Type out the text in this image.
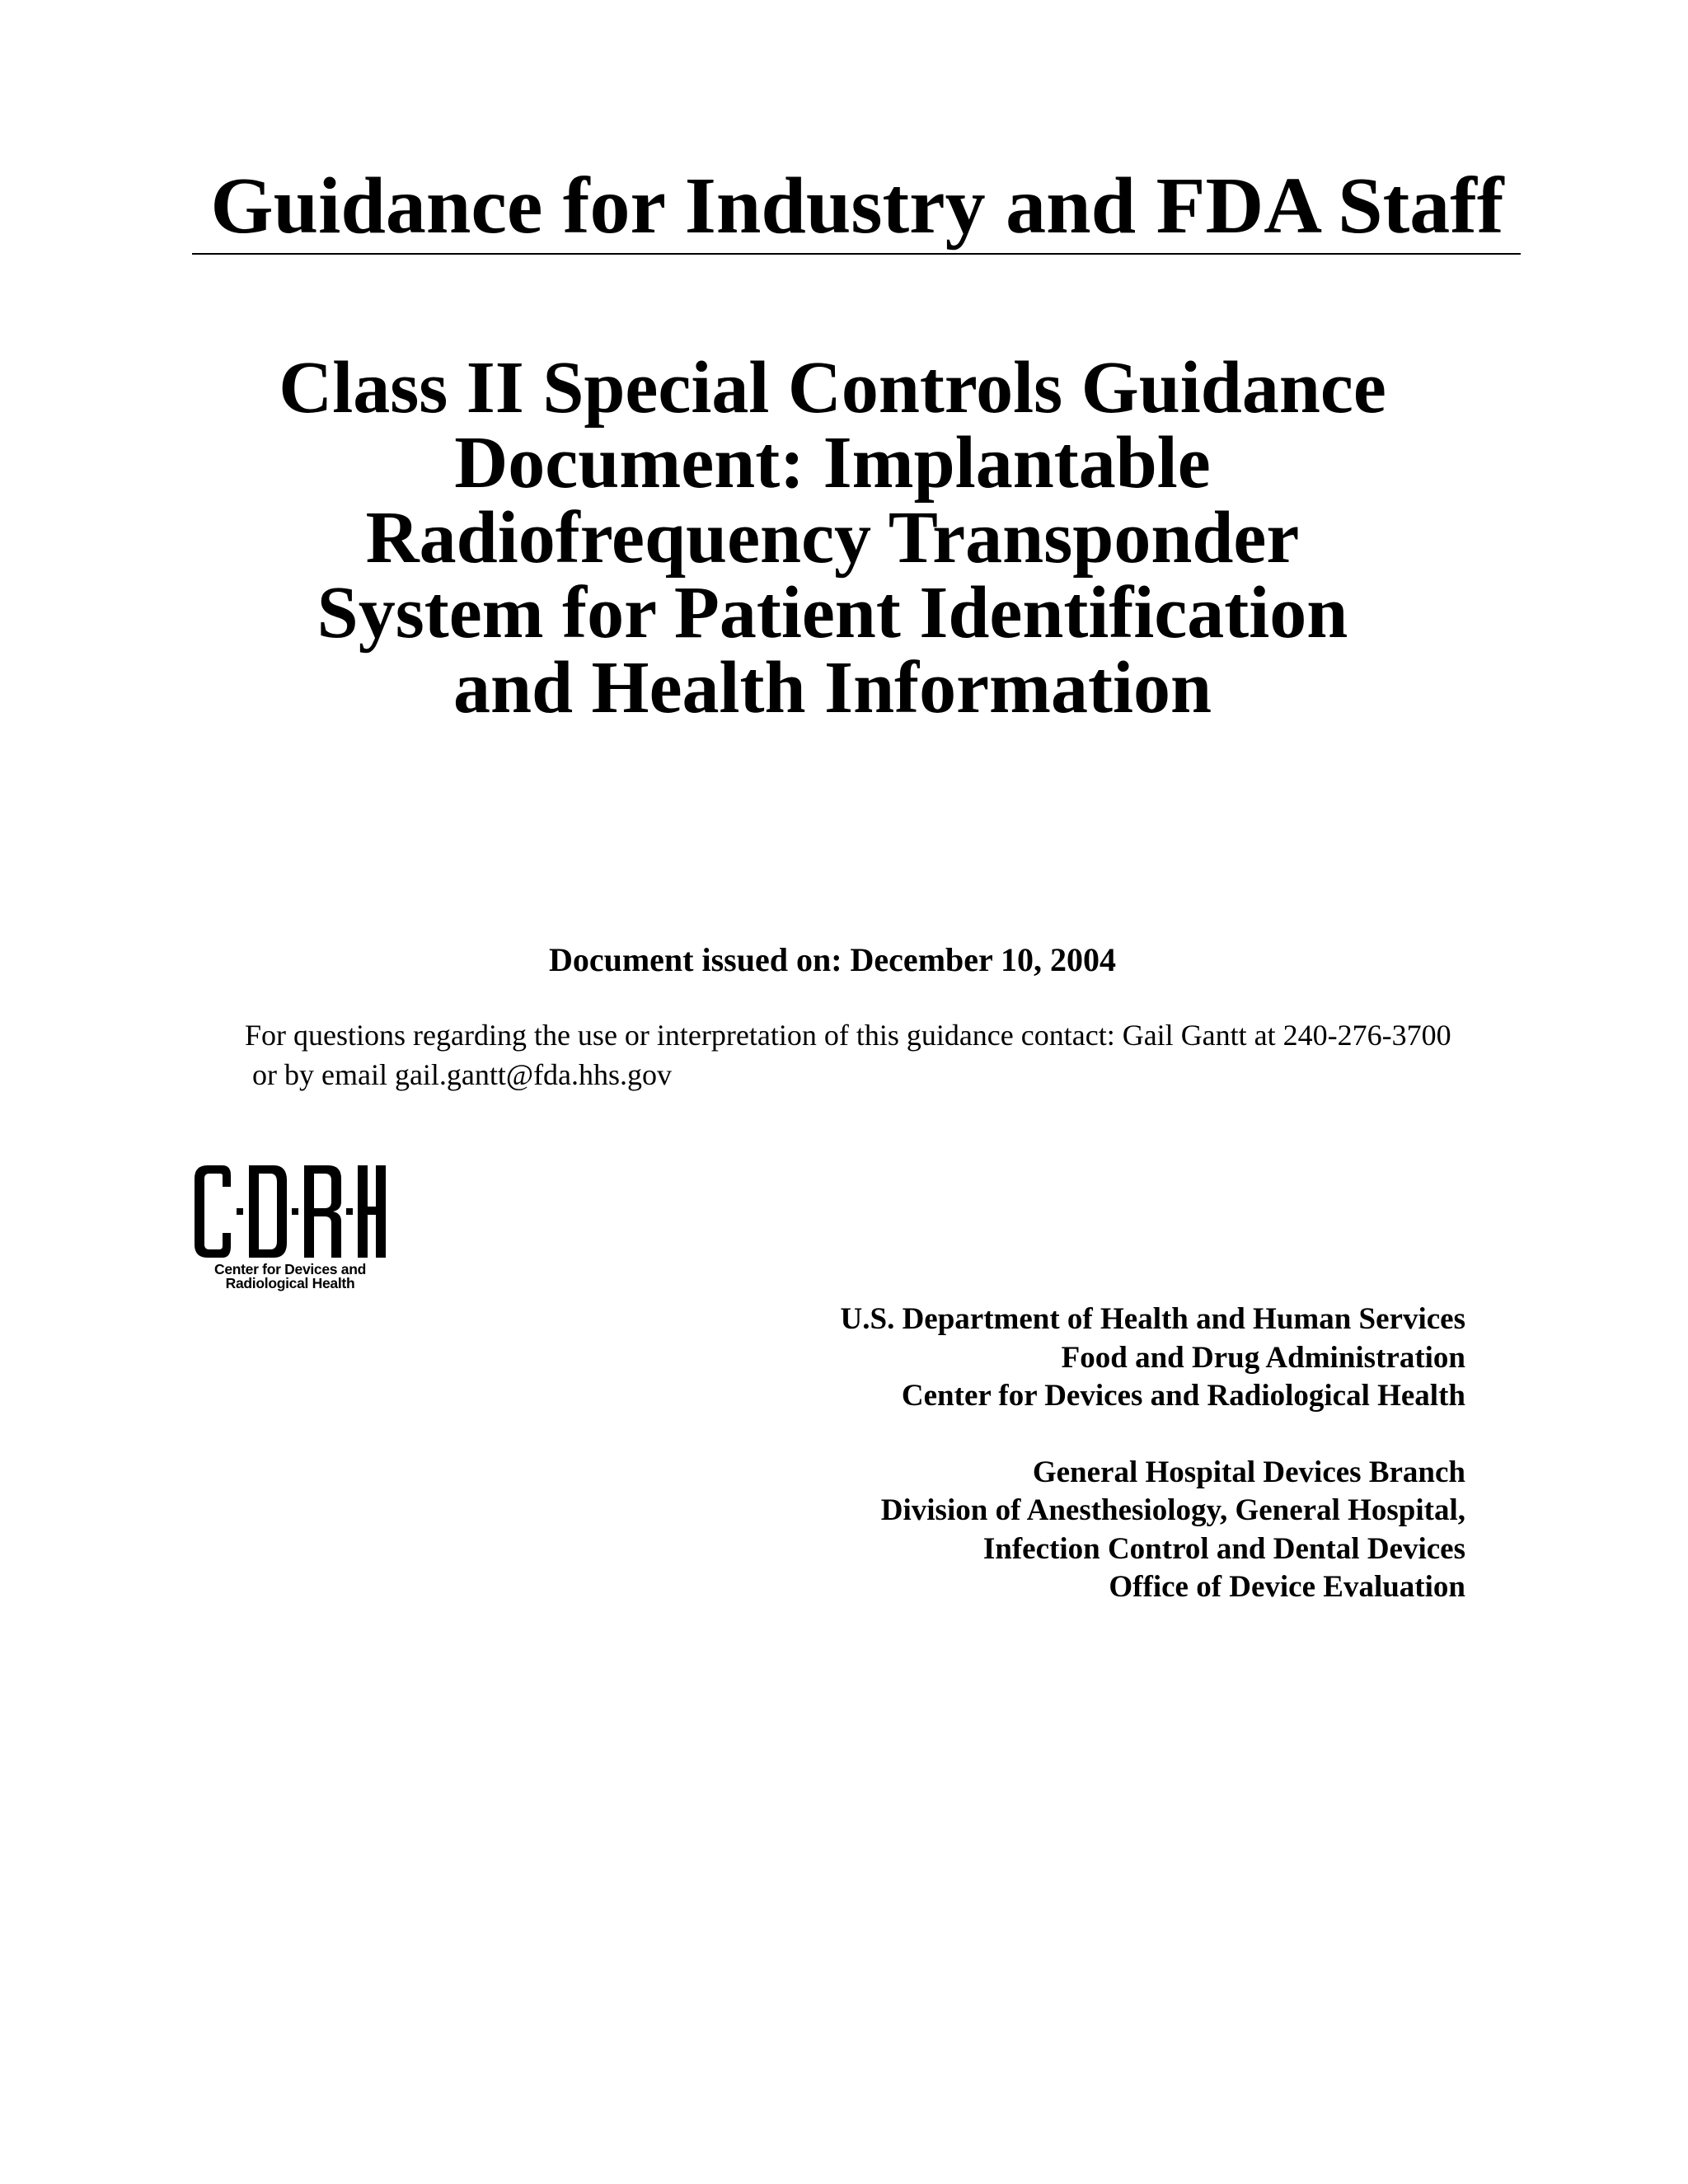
Guidance for Industry and FDA Staff
Class II Special Controls Guidance
Document: Implantable
Radiofrequency Transponder
System for Patient Identification
and Health Information
Document issued on: December 10, 2004
For questions regarding the use or interpretation of this guidance contact: Gail Gantt at 240-276-3700
or by email gail.gantt@fda.hhs.gov
Center for Devices and
Radiological Health
U.S. Department of Health and Human Services
Food and Drug Administration
Center for Devices and Radiological Health
General Hospital Devices Branch
Division of Anesthesiology, General Hospital,
Infection Control and Dental Devices
Office of Device Evaluation
